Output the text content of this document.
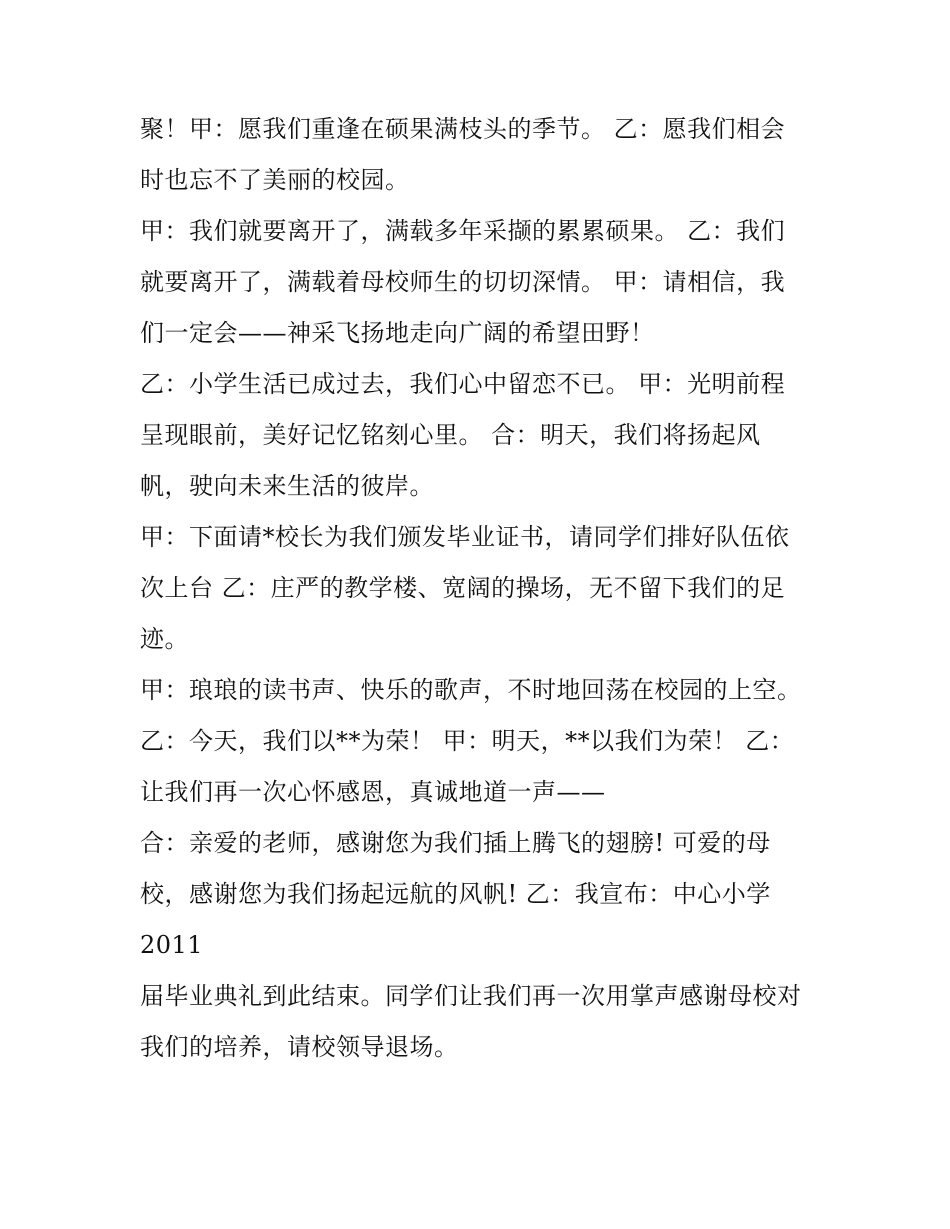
聚！甲：愿我们重逢在硕果满枝头的季节。 乙：愿我们相会
时也忘不了美丽的校园。
甲：我们就要离开了，满载多年采撷的累累硕果。 乙：我们
就要离开了，满载着母校师生的切切深情。 甲：请相信，我
们一定会——神采飞扬地走向广阔的希望田野！
乙：小学生活已成过去，我们心中留恋不已。 甲：光明前程
呈现眼前，美好记忆铭刻心里。 合：明天，我们将扬起风
帆，驶向未来生活的彼岸。
甲：下面请*校长为我们颁发毕业证书，请同学们排好队伍依
次上台 乙：庄严的教学楼、宽阔的操场，无不留下我们的足
迹。
甲：琅琅的读书声、快乐的歌声，不时地回荡在校园的上空。
乙：今天，我们以**为荣！ 甲：明天，**以我们为荣！ 乙：
让我们再一次心怀感恩，真诚地道一声——
合：亲爱的老师，感谢您为我们插上腾飞的翅膀! 可爱的母
校，感谢您为我们扬起远航的风帆! 乙：我宣布：中心小学
2011
届毕业典礼到此结束。同学们让我们再一次用掌声感谢母校对
我们的培养，请校领导退场。
